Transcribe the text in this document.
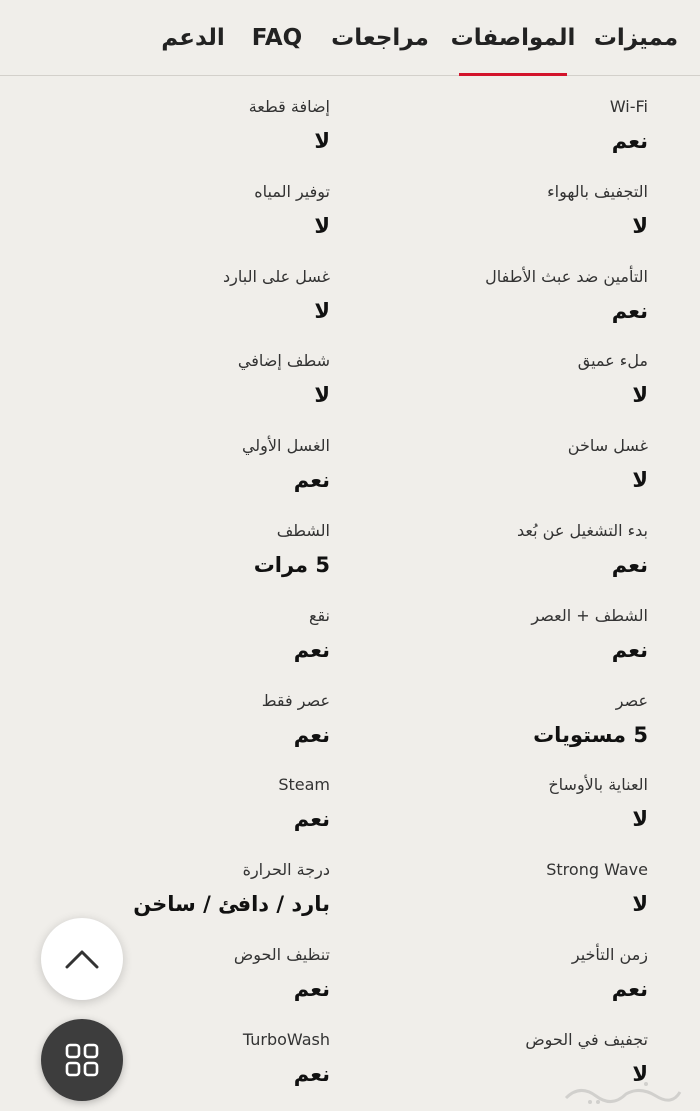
مميزات
المواصفات
مراجعات
FAQ
الدعم
Wi-Fi
نعم
إضافة قطعة
لا
التجفيف بالهواء
لا
توفير المياه
لا
التأمين ضد عبث الأطفال
نعم
غسل على البارد
لا
ملء عميق
لا
شطف إضافي
لا
غسل ساخن
لا
الغسل الأولي
نعم
بدء التشغيل عن بُعد
نعم
الشطف
5 مرات
الشطف + العصر
نعم
نقع
نعم
عصر
5 مستويات
عصر فقط
نعم
العناية بالأوساخ
لا
Steam
نعم
Strong Wave
لا
درجة الحرارة
بارد / دافئ / ساخن
زمن التأخير
نعم
تنظيف الحوض
نعم
تجفيف في الحوض
لا
TurboWash
نعم
